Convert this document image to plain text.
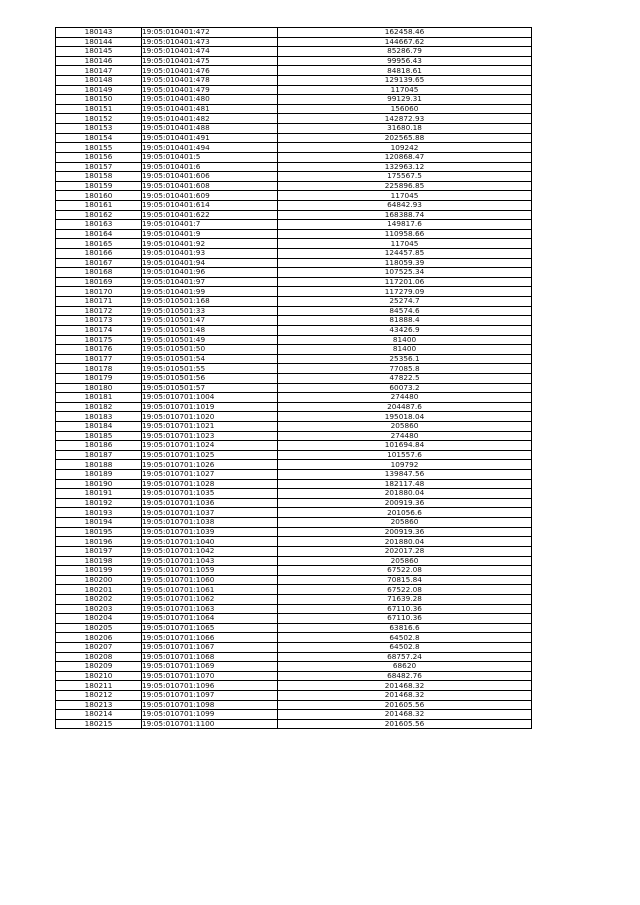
180143	19:05:010401:472	162458.46
180144	19:05:010401:473	144667.62
180145	19:05:010401:474	85286.79
180146	19:05:010401:475	99956.43
180147	19:05:010401:476	84818.61
180148	19:05:010401:478	129139.65
180149	19:05:010401:479	117045
180150	19:05:010401:480	99129.31
180151	19:05:010401:481	156060
180152	19:05:010401:482	142872.93
180153	19:05:010401:488	31680.18
180154	19:05:010401:491	202565.88
180155	19:05:010401:494	109242
180156	19:05:010401:5	120868.47
180157	19:05:010401:6	132963.12
180158	19:05:010401:606	175567.5
180159	19:05:010401:608	225896.85
180160	19:05:010401:609	117045
180161	19:05:010401:614	64842.93
180162	19:05:010401:622	168388.74
180163	19:05:010401:7	149817.6
180164	19:05:010401:9	110958.66
180165	19:05:010401:92	117045
180166	19:05:010401:93	124457.85
180167	19:05:010401:94	118059.39
180168	19:05:010401:96	107525.34
180169	19:05:010401:97	117201.06
180170	19:05:010401:99	117279.09
180171	19:05:010501:168	25274.7
180172	19:05:010501:33	84574.6
180173	19:05:010501:47	81888.4
180174	19:05:010501:48	43426.9
180175	19:05:010501:49	81400
180176	19:05:010501:50	81400
180177	19:05:010501:54	25356.1
180178	19:05:010501:55	77085.8
180179	19:05:010501:56	47822.5
180180	19:05:010501:57	60073.2
180181	19:05:010701:1004	274480
180182	19:05:010701:1019	204487.6
180183	19:05:010701:1020	195018.04
180184	19:05:010701:1021	205860
180185	19:05:010701:1023	274480
180186	19:05:010701:1024	101694.84
180187	19:05:010701:1025	101557.6
180188	19:05:010701:1026	109792
180189	19:05:010701:1027	139847.56
180190	19:05:010701:1028	182117.48
180191	19:05:010701:1035	201880.04
180192	19:05:010701:1036	200919.36
180193	19:05:010701:1037	201056.6
180194	19:05:010701:1038	205860
180195	19:05:010701:1039	200919.36
180196	19:05:010701:1040	201880.04
180197	19:05:010701:1042	202017.28
180198	19:05:010701:1043	205860
180199	19:05:010701:1059	67522.08
180200	19:05:010701:1060	70815.84
180201	19:05:010701:1061	67522.08
180202	19:05:010701:1062	71639.28
180203	19:05:010701:1063	67110.36
180204	19:05:010701:1064	67110.36
180205	19:05:010701:1065	63816.6
180206	19:05:010701:1066	64502.8
180207	19:05:010701:1067	64502.8
180208	19:05:010701:1068	68757.24
180209	19:05:010701:1069	68620
180210	19:05:010701:1070	68482.76
180211	19:05:010701:1096	201468.32
180212	19:05:010701:1097	201468.32
180213	19:05:010701:1098	201605.56
180214	19:05:010701:1099	201468.32
180215	19:05:010701:1100	201605.56
